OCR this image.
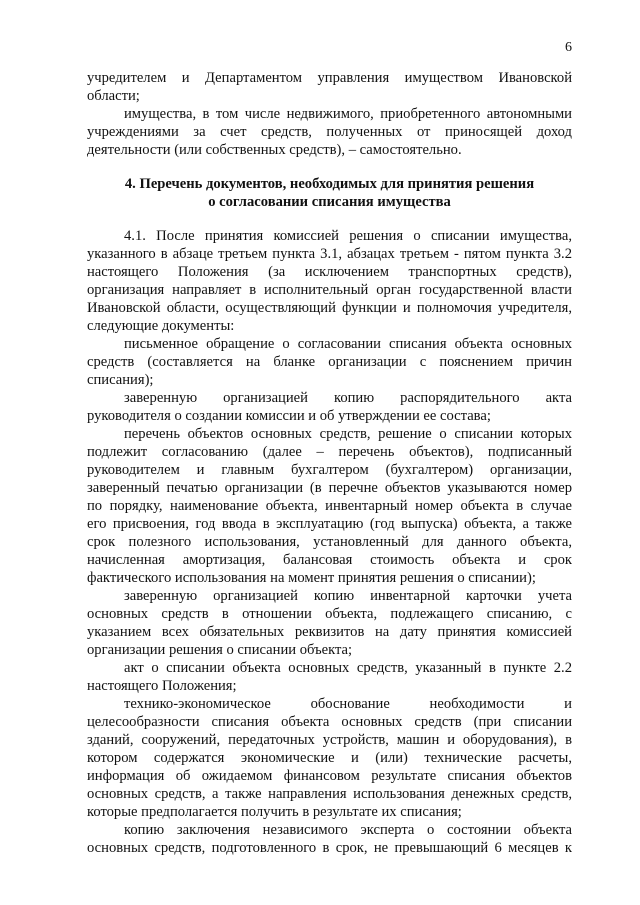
6
учредителем и Департаментом управления имуществом Ивановской
области;
имущества, в том числе недвижимого, приобретенного автономными
учреждениями за счет средств, полученных от приносящей доход
деятельности (или собственных средств), – самостоятельно.
4. Перечень документов, необходимых для принятия решения
о согласовании списания имущества
4.1. После принятия комиссией решения о списании имущества,
указанного в абзаце третьем пункта 3.1, абзацах третьем - пятом пункта 3.2
настоящего Положения (за исключением транспортных средств),
организация направляет в исполнительный орган государственной власти
Ивановской области, осуществляющий функции и полномочия учредителя,
следующие документы:
письменное обращение о согласовании списания объекта основных
средств (составляется на бланке организации с пояснением причин
списания);
заверенную организацией копию распорядительного акта
руководителя о создании комиссии и об утверждении ее состава;
перечень объектов основных средств, решение о списании которых
подлежит согласованию (далее – перечень объектов), подписанный
руководителем и главным бухгалтером (бухгалтером) организации,
заверенный печатью организации (в перечне объектов указываются номер
по порядку, наименование объекта, инвентарный номер объекта в случае
его присвоения, год ввода в эксплуатацию (год выпуска) объекта, а также
срок полезного использования, установленный для данного объекта,
начисленная амортизация, балансовая стоимость объекта и срок
фактического использования на момент принятия решения о списании);
заверенную организацией копию инвентарной карточки учета
основных средств в отношении объекта, подлежащего списанию, с
указанием всех обязательных реквизитов на дату принятия комиссией
организации решения о списании объекта;
акт о списании объекта основных средств, указанный в пункте 2.2
настоящего Положения;
технико-экономическое обоснование необходимости и
целесообразности списания объекта основных средств (при списании
зданий, сооружений, передаточных устройств, машин и оборудования), в
котором содержатся экономические и (или) технические расчеты,
информация об ожидаемом финансовом результате списания объектов
основных средств, а также направления использования денежных средств,
которые предполагается получить в результате их списания;
копию заключения независимого эксперта о состоянии объекта
основных средств, подготовленного в срок, не превышающий 6 месяцев к
